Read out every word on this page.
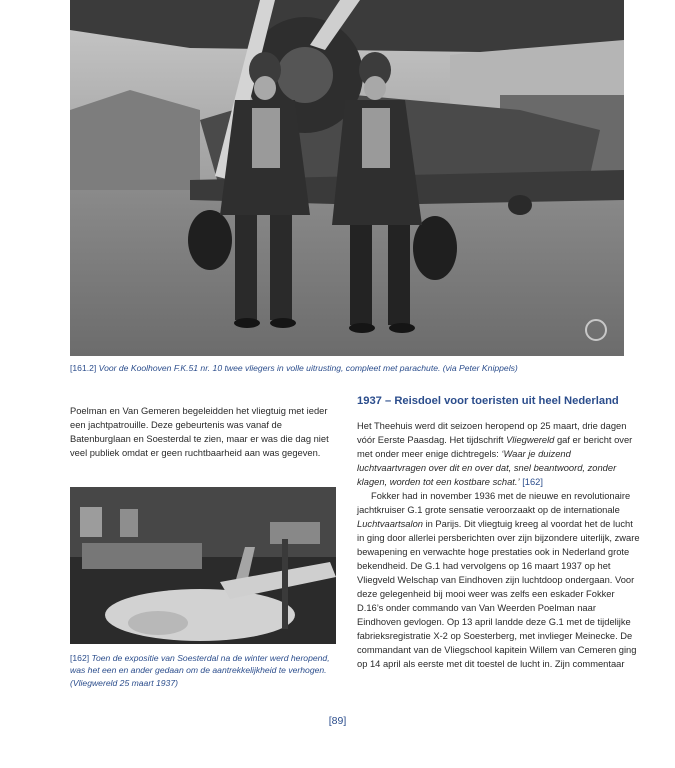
[161.2] Voor de Koolhoven F.K.51 nr. 10 twee vliegers in volle uitrusting, compleet met parachute. (via Peter Knippels)

Poelman en Van Gemeren begeleidden het vliegtuig met ieder een jachtpatrouille. Deze gebeurtenis was vanaf de Batenburglaan en Soesterdal te zien, maar er was die dag niet veel publiek omdat er geen ruchtbaarheid aan was gegeven.

[162] Toen de expositie van Soesterdal na de winter werd heropend, was het een en ander gedaan om de aantrekkelijkheid te verhogen. (Vliegwereld 25 maart 1937)
1937 – Reisdoel voor toeristen uit heel Nederland

Het Theehuis werd dit seizoen heropend op 25 maart, drie dagen vóór Eerste Paasdag. Het tijdschrift Vliegwereld gaf er bericht over met onder meer enige dichtregels: ‘Waar je duizend luchtvaartvragen over dit en over dat, snel beantwoord, zonder klagen, worden tot een kostbare schat.’ [162]

Fokker had in november 1936 met de nieuwe en revolutionaire jachtkruiser G.1 grote sensatie veroorzaakt op de internationale Luchtvaartsalon in Parijs. Dit vliegtuig kreeg al voordat het de lucht in ging door allerlei persberichten over zijn bijzondere uiterlijk, zware bewapening en verwachte hoge prestaties ook in Nederland grote bekendheid. De G.1 had vervolgens op 16 maart 1937 op het Vliegveld Welschap van Eindhoven zijn luchtdoop ondergaan. Voor deze gelegenheid bij mooi weer was zelfs een eskader Fokker D.16’s onder commando van Van Weerden Poelman naar Eindhoven gevlogen. Op 13 april landde deze G.1 met de tijdelijke fabrieksregistratie X-2 op Soesterberg, met invlieger Meinecke. De commandant van de Vliegschool kapitein Willem van Cemeren ging op 14 april als eerste met dit toestel de lucht in. Zijn commentaar

[89]
